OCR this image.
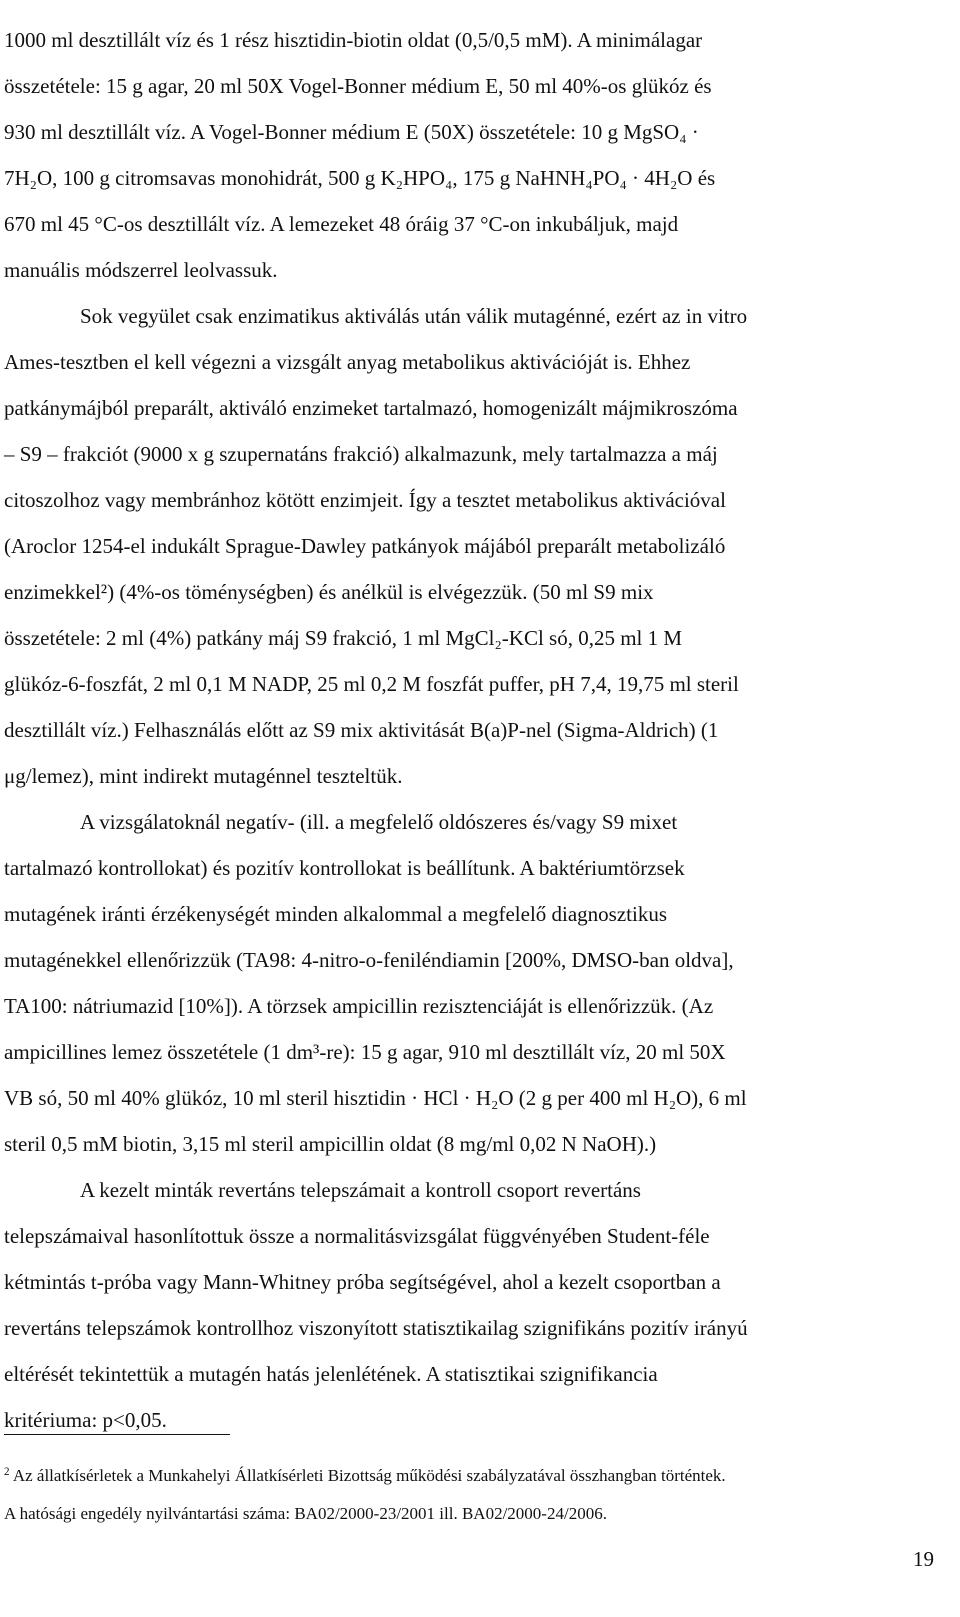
1000 ml desztillált víz és 1 rész hisztidin-biotin oldat (0,5/0,5 mM). A minimálagar

összetétele: 15 g agar, 20 ml 50X Vogel-Bonner médium E, 50 ml 40%-os glükóz és

930 ml desztillált víz. A Vogel-Bonner médium E (50X) összetétele: 10 g MgSO₄ ·

7H₂O, 100 g citromsavas monohidrát, 500 g K₂HPO₄, 175 g NaHNH₄PO₄ · 4H₂O és

670 ml 45 °C-os desztillált víz. A lemezeket 48 óráig 37 °C-on inkubáljuk, majd

manuális módszerrel leolvassuk.

Sok vegyület csak enzimatikus aktiválás után válik mutagénné, ezért az in vitro

Ames-tesztben el kell végezni a vizsgált anyag metabolikus aktivációját is. Ehhez

patkánymájból preparált, aktiváló enzimeket tartalmazó, homogenizált májmikroszóma

– S9 – frakciót (9000 x g szupernatáns frakció) alkalmazunk, mely tartalmazza a máj

citoszolhoz vagy membránhoz kötött enzimjeit. Így a tesztet metabolikus aktivációval

(Aroclor 1254-el indukált Sprague-Dawley patkányok májából preparált metabolizáló

enzimekkel²) (4%-os töménységben) és anélkül is elvégezzük. (50 ml S9 mix

összetétele: 2 ml (4%) patkány máj S9 frakció, 1 ml MgCl₂-KCl só, 0,25 ml 1 M

glükóz-6-foszfát, 2 ml 0,1 M NADP, 25 ml 0,2 M foszfát puffer, pH 7,4, 19,75 ml steril

desztillált víz.) Felhasználás előtt az S9 mix aktivitását B(a)P-nel (Sigma-Aldrich) (1

μg/lemez), mint indirekt mutagénnel teszteltük.

A vizsgálatoknál negatív- (ill. a megfelelő oldószeres és/vagy S9 mixet

tartalmazó kontrollokat) és pozitív kontrollokat is beállítunk. A baktériumtörzsek

mutagének iránti érzékenységét minden alkalommal a megfelelő diagnosztikus

mutagénekkel ellenőrizzük (TA98: 4-nitro-o-feniléndiamin [200%, DMSO-ban oldva],

TA100: nátriumazid [10%]). A törzsek ampicillin rezisztenciáját is ellenőrizzük. (Az

ampicillines lemez összetétele (1 dm³-re): 15 g agar, 910 ml desztillált víz, 20 ml 50X

VB só, 50 ml 40% glükóz, 10 ml steril hisztidin · HCl · H₂O (2 g per 400 ml H₂O), 6 ml

steril 0,5 mM biotin, 3,15 ml steril ampicillin oldat (8 mg/ml 0,02 N NaOH).)

A kezelt minták revertáns telepszámait a kontroll csoport revertáns

telepszámaival hasonlítottuk össze a normalitásvizsgálat függvényében Student-féle

kétmintás t-próba vagy Mann-Whitney próba segítségével, ahol a kezelt csoportban a

revertáns telepszámok kontrollhoz viszonyított statisztikailag szignifikáns pozitív irányú

eltérését tekintettük a mutagén hatás jelenlétének. A statisztikai szignifikancia

kritériuma: p<0,05.

$^2$ Az állatkísérletek a Munkahelyi Állatkísérleti Bizottság működési szabályzatával összhangban történtek.

A hatósági engedély nyilvántartási száma: BA02/2000-23/2001 ill. BA02/2000-24/2006.

19
